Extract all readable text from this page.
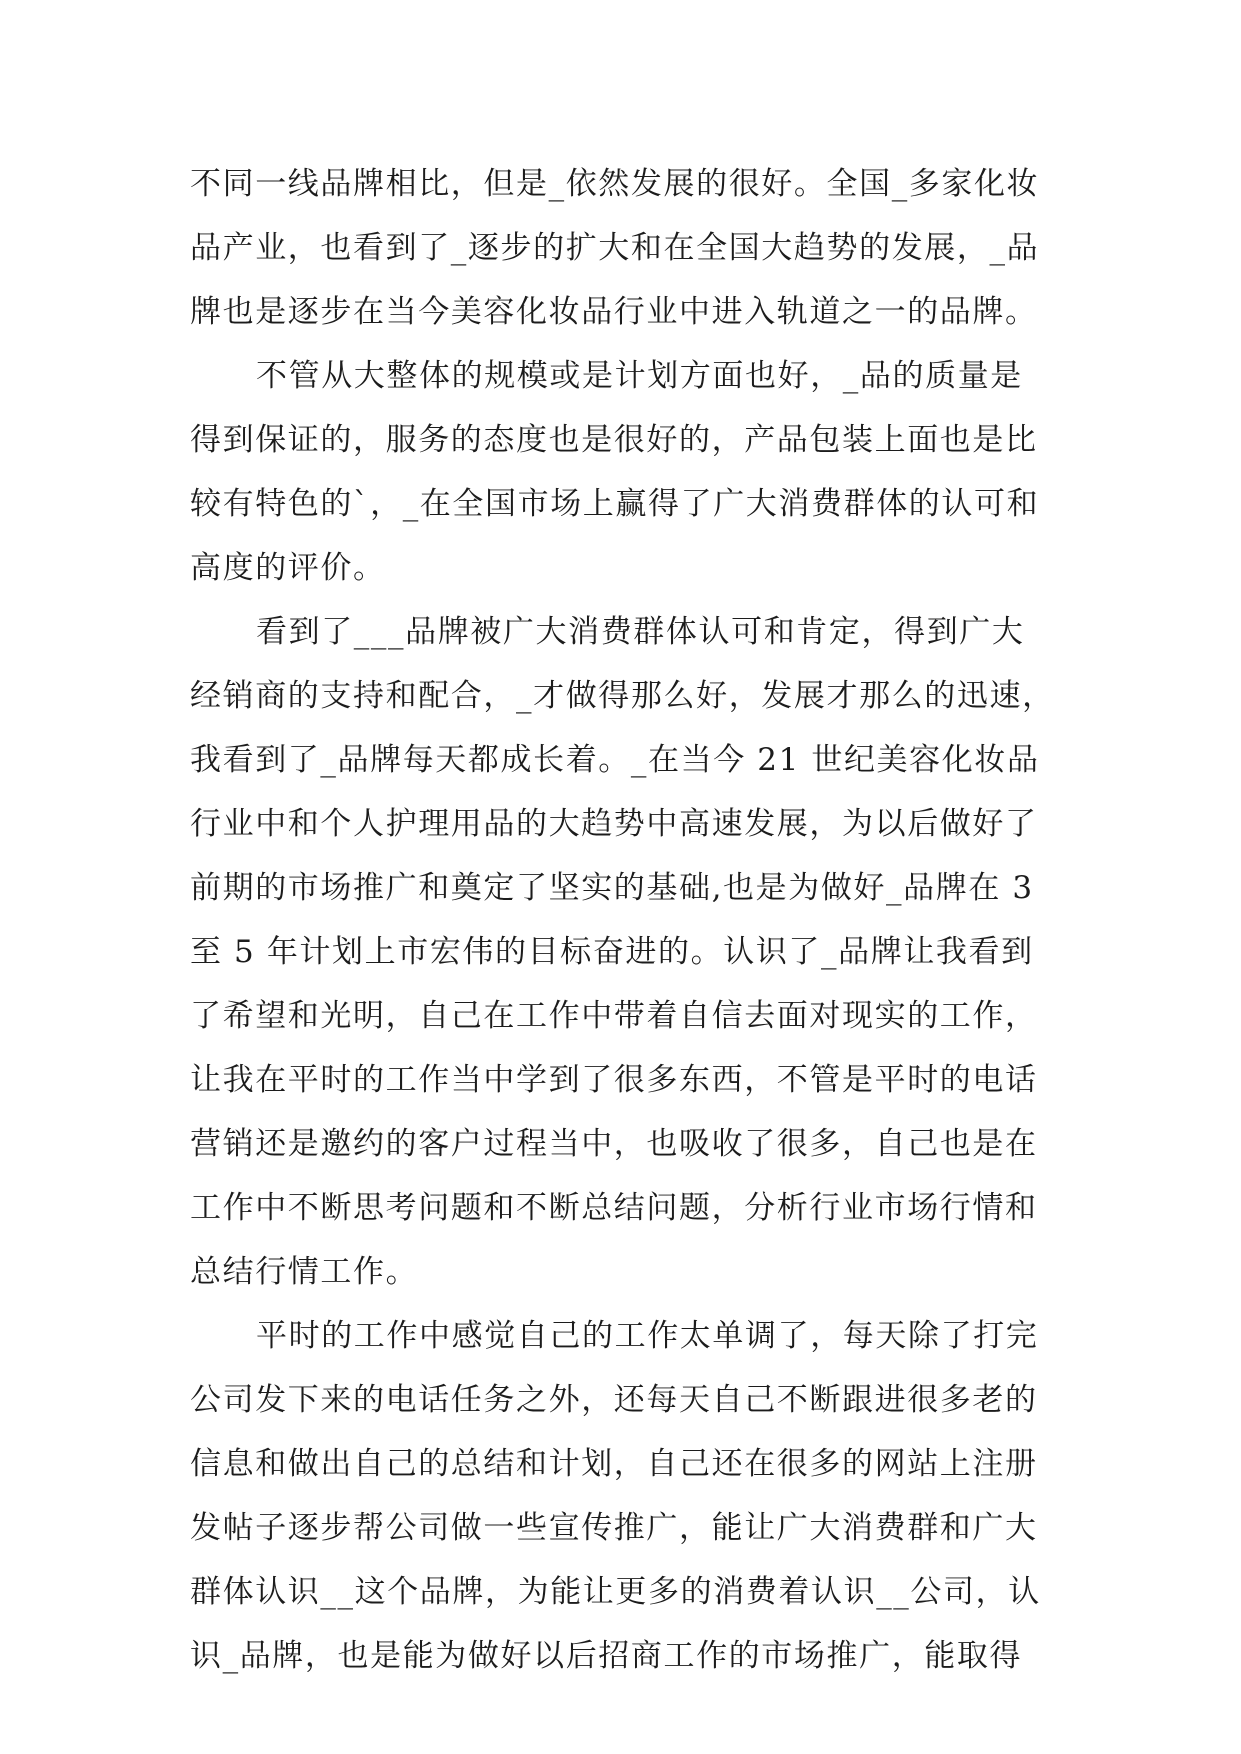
不同一线品牌相比，但是_依然发展的很好。全国_多家化妆
品产业，也看到了_逐步的扩大和在全国大趋势的发展，_品
牌也是逐步在当今美容化妆品行业中进入轨道之一的品牌。
不管从大整体的规模或是计划方面也好，_品的质量是
得到保证的，服务的态度也是很好的，产品包装上面也是比
较有特色的`，_在全国市场上赢得了广大消费群体的认可和
高度的评价。
看到了___品牌被广大消费群体认可和肯定，得到广大
经销商的支持和配合，_才做得那么好，发展才那么的迅速，
我看到了_品牌每天都成长着。_在当今 21 世纪美容化妆品
行业中和个人护理用品的大趋势中高速发展，为以后做好了
前期的市场推广和奠定了坚实的基础,也是为做好_品牌在 3
至 5 年计划上市宏伟的目标奋进的。认识了_品牌让我看到
了希望和光明，自己在工作中带着自信去面对现实的工作，
让我在平时的工作当中学到了很多东西，不管是平时的电话
营销还是邀约的客户过程当中，也吸收了很多，自己也是在
工作中不断思考问题和不断总结问题，分析行业市场行情和
总结行情工作。
平时的工作中感觉自己的工作太单调了，每天除了打完
公司发下来的电话任务之外，还每天自己不断跟进很多老的
信息和做出自己的总结和计划，自己还在很多的网站上注册
发帖子逐步帮公司做一些宣传推广，能让广大消费群和广大
群体认识__这个品牌，为能让更多的消费着认识__公司，认
识_品牌，也是能为做好以后招商工作的市场推广，能取得
